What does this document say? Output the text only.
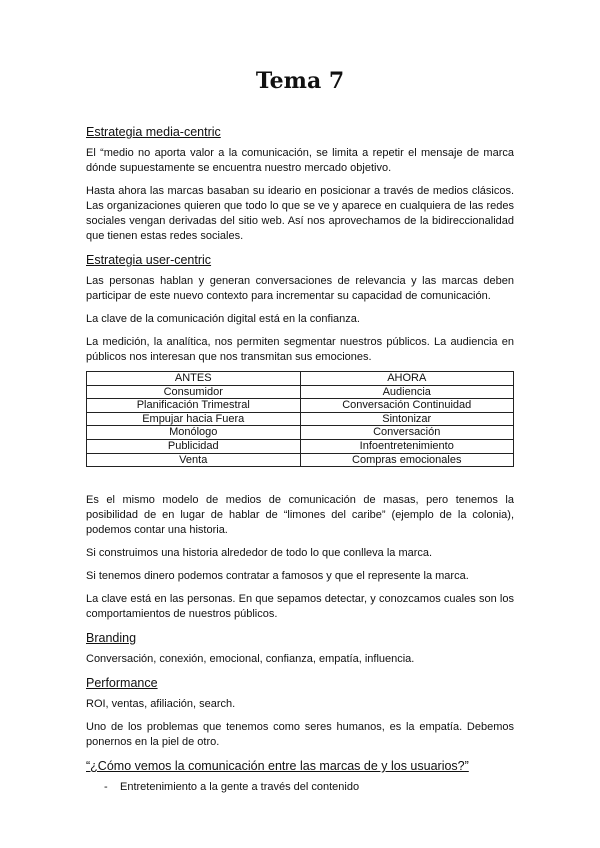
Tema 7
Estrategia media-centric

El “medio no aporta valor a la comunicación, se limita a repetir el mensaje de marca dónde supuestamente se encuentra nuestro mercado objetivo.

Hasta ahora las marcas basaban su ideario en posicionar a través de medios clásicos. Las organizaciones quieren que todo lo que se ve y aparece en cualquiera de las redes sociales vengan derivadas del sitio web. Así nos aprovechamos de la bidireccionalidad que tienen estas redes sociales.

Estrategia user-centric

Las personas hablan y generan conversaciones de relevancia y las marcas deben participar de este nuevo contexto para incrementar su capacidad de comunicación.

La clave de la comunicación digital está en la confianza.

La medición, la analítica, nos permiten segmentar nuestros públicos. La audiencia en públicos nos interesan que nos transmitan sus emociones.

ANTES	AHORA
Consumidor	Audiencia
Planificación Trimestral	Conversación Continuidad
Empujar hacia Fuera	Sintonizar
Monólogo	Conversación
Publicidad	Infoentretenimiento
Venta	Compras emocionales

Es el mismo modelo de medios de comunicación de masas, pero tenemos la posibilidad de en lugar de hablar de “limones del caribe” (ejemplo de la colonia), podemos contar una historia.

Si construimos una historia alrededor de todo lo que conlleva la marca.

Si tenemos dinero podemos contratar a famosos y que el represente la marca.

La clave está en las personas. En que sepamos detectar, y conozcamos cuales son los comportamientos de nuestros públicos.

Branding

Conversación, conexión, emocional, confianza, empatía, influencia.

Performance

ROI, ventas, afiliación, search.

Uno de los problemas que tenemos como seres humanos, es la empatía. Debemos ponernos en la piel de otro.

“¿Cómo vemos la comunicación entre las marcas de y los usuarios?”
- Entretenimiento a la gente a través del contenido
